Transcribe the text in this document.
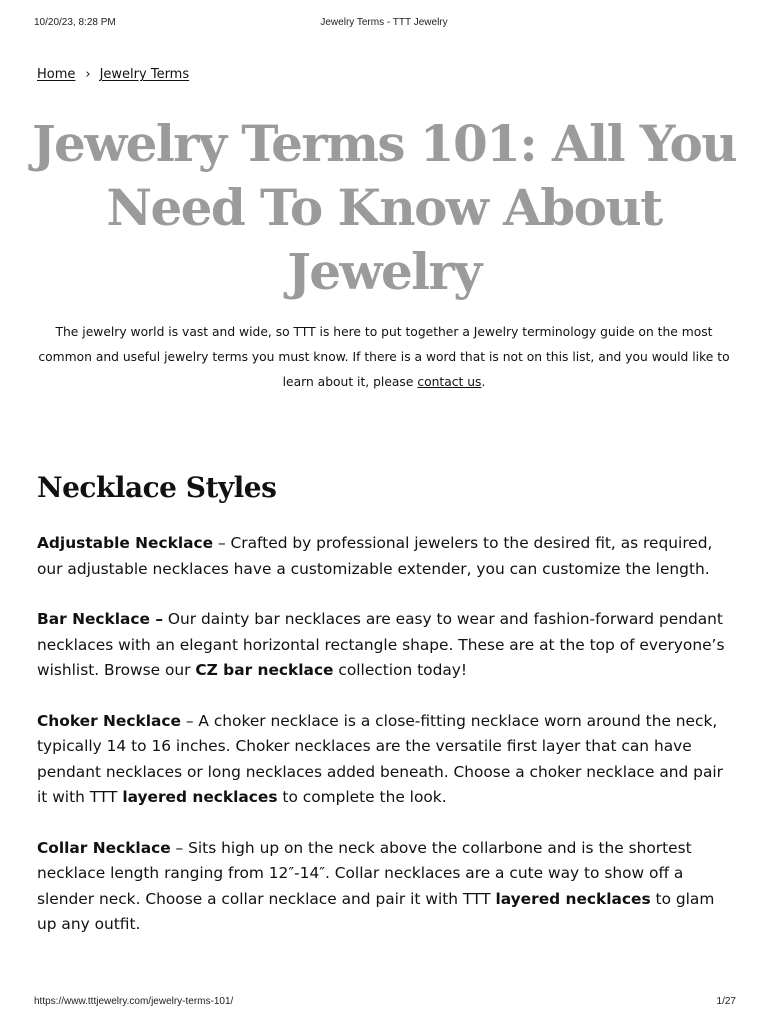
10/20/23, 8:28 PM	Jewelry Terms - TTT Jewelry
Home › Jewelry Terms
Jewelry Terms 101: All You
Need To Know About
Jewelry

The jewelry world is vast and wide, so TTT is here to put together a Jewelry terminology guide on the most common and useful jewelry terms you must know. If there is a word that is not on this list, and you would like to learn about it, please contact us.

Necklace Styles

Adjustable Necklace – Crafted by professional jewelers to the desired fit, as required, our adjustable necklaces have a customizable extender, you can customize the length.

Bar Necklace – Our dainty bar necklaces are easy to wear and fashion-forward pendant necklaces with an elegant horizontal rectangle shape. These are at the top of everyone’s wishlist. Browse our CZ bar necklace collection today!

Choker Necklace – A choker necklace is a close-fitting necklace worn around the neck, typically 14 to 16 inches. Choker necklaces are the versatile first layer that can have pendant necklaces or long necklaces added beneath. Choose a choker necklace and pair it with TTT layered necklaces to complete the look.

Collar Necklace – Sits high up on the neck above the collarbone and is the shortest necklace length ranging from 12″-14″. Collar necklaces are a cute way to show off a slender neck. Choose a collar necklace and pair it with TTT layered necklaces to glam up any outfit.

https://www.tttjewelry.com/jewelry-terms-101/	1/27
